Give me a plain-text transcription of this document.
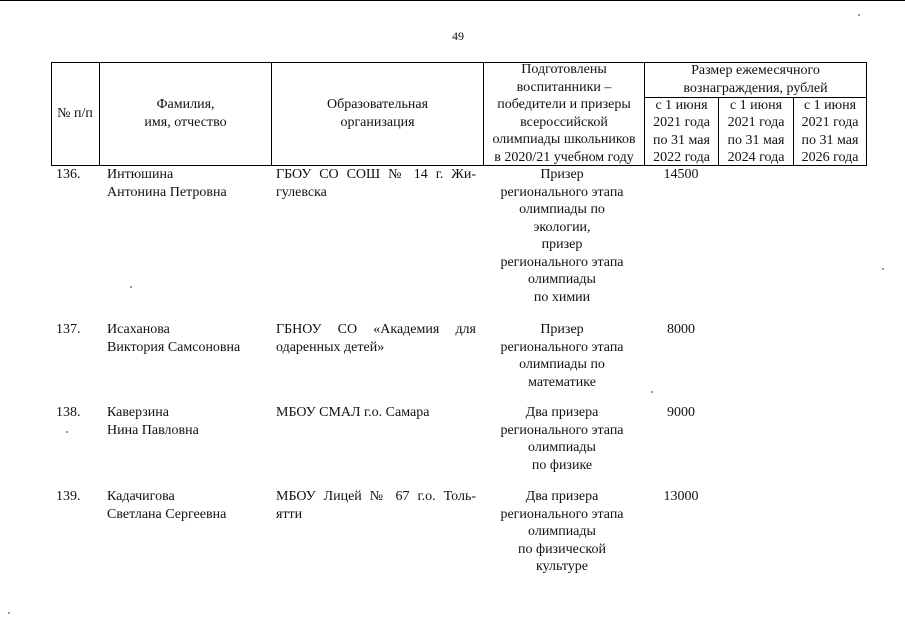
49
№ п/п
Фамилия,
имя, отчество
Образовательная
организация
Подготовлены
воспитанники –
победители и призеры
всероссийской
олимпиады школьников
в 2020/21 учебном году
Размер ежемесячного
вознаграждения, рублей
с 1 июня
2021 года
по 31 мая
2022 года
с 1 июня
2021 года
по 31 мая
2024 года
с 1 июня
2021 года
по 31 мая
2026 года
136. Интюшина
Антонина Петровна
ГБОУ СО СОШ № 14 г. Жи-
гулевска
Призер
регионального этапа
олимпиады по
экологии,
призер
регионального этапа
олимпиады
по химии
14500
137. Исаханова
Виктория Самсоновна
ГБНОУ СО «Академия для
одаренных детей»
Призер
регионального этапа
олимпиады по
математике
8000
138. Каверзина
Нина Павловна
МБОУ СМАЛ г.о. Самара	Два призера
регионального этапа
олимпиады
по физике
9000
139. Кадачигова
Светлана Сергеевна
МБОУ Лицей № 67 г.о. Толь-
ятти
Два призера
регионального этапа
олимпиады
по физической
культуре
13000
